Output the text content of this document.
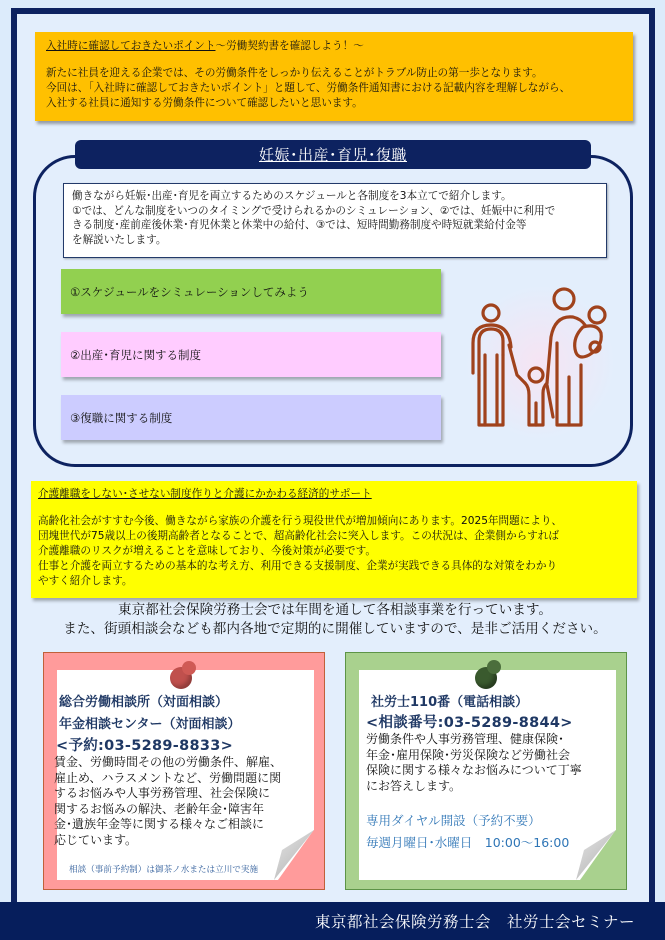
入社時に確認しておきたいポイント～労働契約書を確認しよう！～
新たに社員を迎える企業では、その労働条件をしっかり伝えることがトラブル防止の第一歩となります。
今回は、「入社時に確認しておきたいポイント」と題して、労働条件通知書における記載内容を理解しながら、
入社する社員に通知する労働条件について確認したいと思います。
妊娠･出産･育児･復職
働きながら妊娠･出産･育児を両立するためのスケジュールと各制度を3本立てで紹介します。
①では、どんな制度をいつのタイミングで受けられるかのシミュレーション、②では、妊娠中に利用で
きる制度･産前産後休業･育児休業と休業中の給付、③では、短時間勤務制度や時短就業給付金等
を解説いたします。
①スケジュールをシミュレーションしてみよう
②出産･育児に関する制度
③復職に関する制度
介護離職をしない･させない制度作りと介護にかかわる経済的サポート
高齢化社会がすすむ今後、働きながら家族の介護を行う現役世代が増加傾向にあります。2025年問題により、
団塊世代が75歳以上の後期高齢者となることで、超高齢化社会に突入します。この状況は、企業側からすれば
介護離職のリスクが増えることを意味しており、今後対策が必要です。
仕事と介護を両立するための基本的な考え方、利用できる支援制度、企業が実践できる具体的な対策をわかり
やすく紹介します。
東京都社会保険労務士会では年間を通して各相談事業を行っています。
また、街頭相談会なども都内各地で定期的に開催していますので、是非ご活用ください。
総合労働相談所（対面相談）
年金相談センター（対面相談）
<予約:03-5289-8833>
賃金、労働時間その他の労働条件、解雇、
雇止め、ハラスメントなど、労働問題に関
するお悩みや人事労務管理、社会保険に
関するお悩みの解決、老齢年金･障害年
金･遺族年金等に関する様々なご相談に
応じています。
相談（事前予約制）は御茶ノ水または立川で実施
社労士110番（電話相談）
<相談番号:03-5289-8844>
労働条件や人事労務管理、健康保険･
年金･雇用保険･労災保険など労働社会
保険に関する様々なお悩みについて丁寧
にお答えします。
専用ダイヤル開設（予約不要）
毎週月曜日･水曜日　10:00～16:00
東京都社会保険労務士会　社労士会セミナー
